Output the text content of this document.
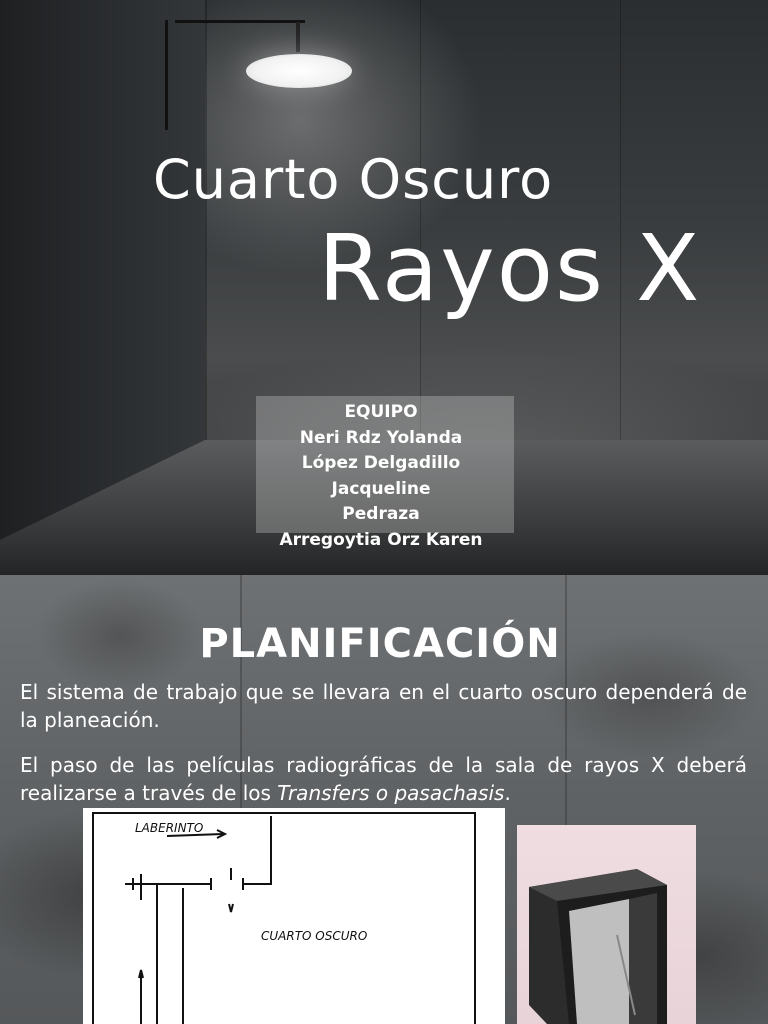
Cuarto Oscuro
Rayos X
EQUIPO
Neri Rdz Yolanda
López Delgadillo
Jacqueline
Pedraza
Arregoytia Orz Karen
PLANIFICACIÓN

El sistema de trabajo que se llevara en el cuarto oscuro dependerá de la planeación.

El paso de las películas radiográficas de la sala de rayos X deberá realizarse a través de los Transfers o pasachasis.

LABERINTO
CUARTO OSCURO
